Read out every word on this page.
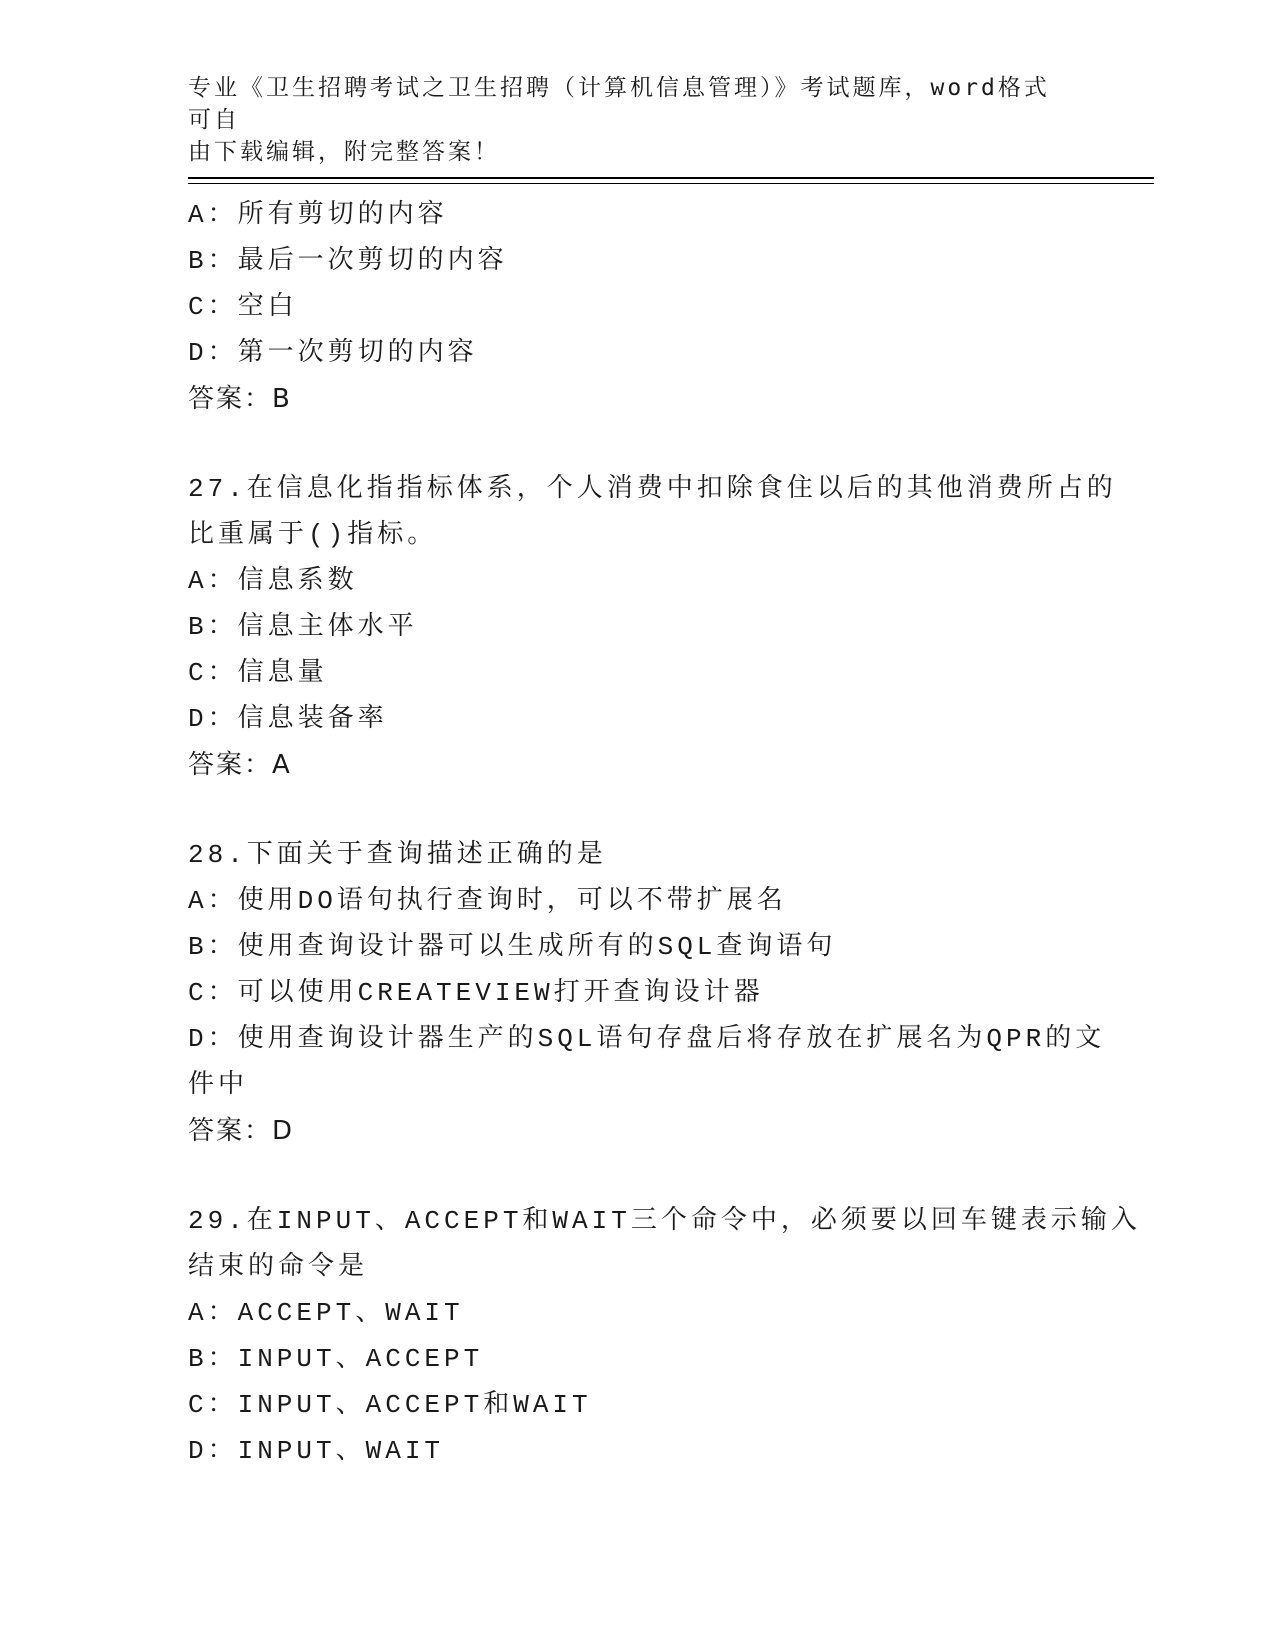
专业《卫生招聘考试之卫生招聘（计算机信息管理）》考试题库，word格式可自
由下载编辑，附完整答案！
A：所有剪切的内容
B：最后一次剪切的内容
C：空白
D：第一次剪切的内容
答案：B
27.在信息化指指标体系，个人消费中扣除食住以后的其他消费所占的
比重属于()指标。
A：信息系数
B：信息主体水平
C：信息量
D：信息装备率
答案：A
28.下面关于查询描述正确的是
A：使用DO语句执行查询时，可以不带扩展名
B：使用查询设计器可以生成所有的SQL查询语句
C：可以使用CREATEVIEW打开查询设计器
D：使用查询设计器生产的SQL语句存盘后将存放在扩展名为QPR的文
件中
答案：D
29.在INPUT、ACCEPT和WAIT三个命令中，必须要以回车键表示输入
结束的命令是
A：ACCEPT、WAIT
B：INPUT、ACCEPT
C：INPUT、ACCEPT和WAIT
D：INPUT、WAIT
